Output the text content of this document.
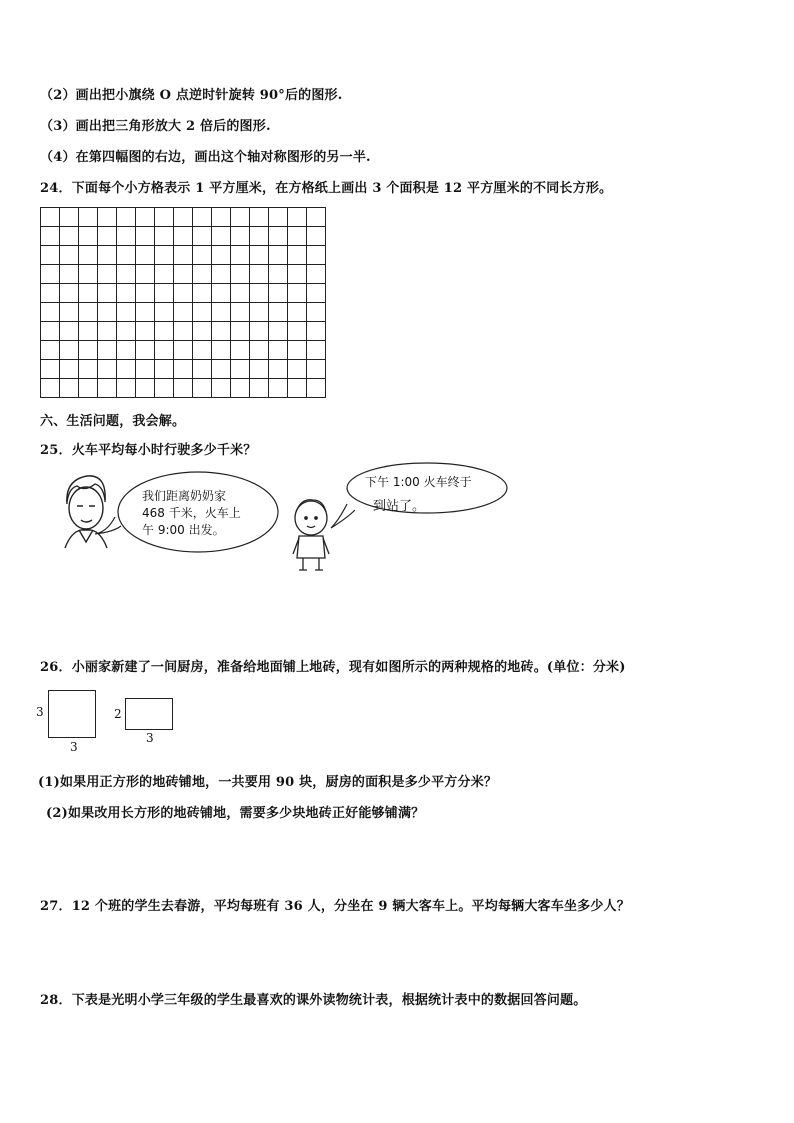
（2）画出把小旗绕 O 点逆时针旋转 90°后的图形.
（3）画出把三角形放大 2 倍后的图形.
（4）在第四幅图的右边，画出这个轴对称图形的另一半.
24．下面每个小方格表示 1 平方厘米，在方格纸上画出 3 个面积是 12 平方厘米的不同长方形。
六、生活问题，我会解。
25．火车平均每小时行驶多少千米？
我们距离奶奶家
468 千米，火车上
午 9:00 出发。
下午 1:00 火车终于
到站了。
26．小丽家新建了一间厨房，准备给地面铺上地砖，现有如图所示的两种规格的地砖。(单位：分米)
3
3
2
3
(1)如果用正方形的地砖铺地，一共要用 90 块，厨房的面积是多少平方分米？
(2)如果改用长方形的地砖铺地，需要多少块地砖正好能够铺满？
27．12 个班的学生去春游，平均每班有 36 人，分坐在 9 辆大客车上。平均每辆大客车坐多少人？
28．下表是光明小学三年级的学生最喜欢的课外读物统计表，根据统计表中的数据回答问题。
